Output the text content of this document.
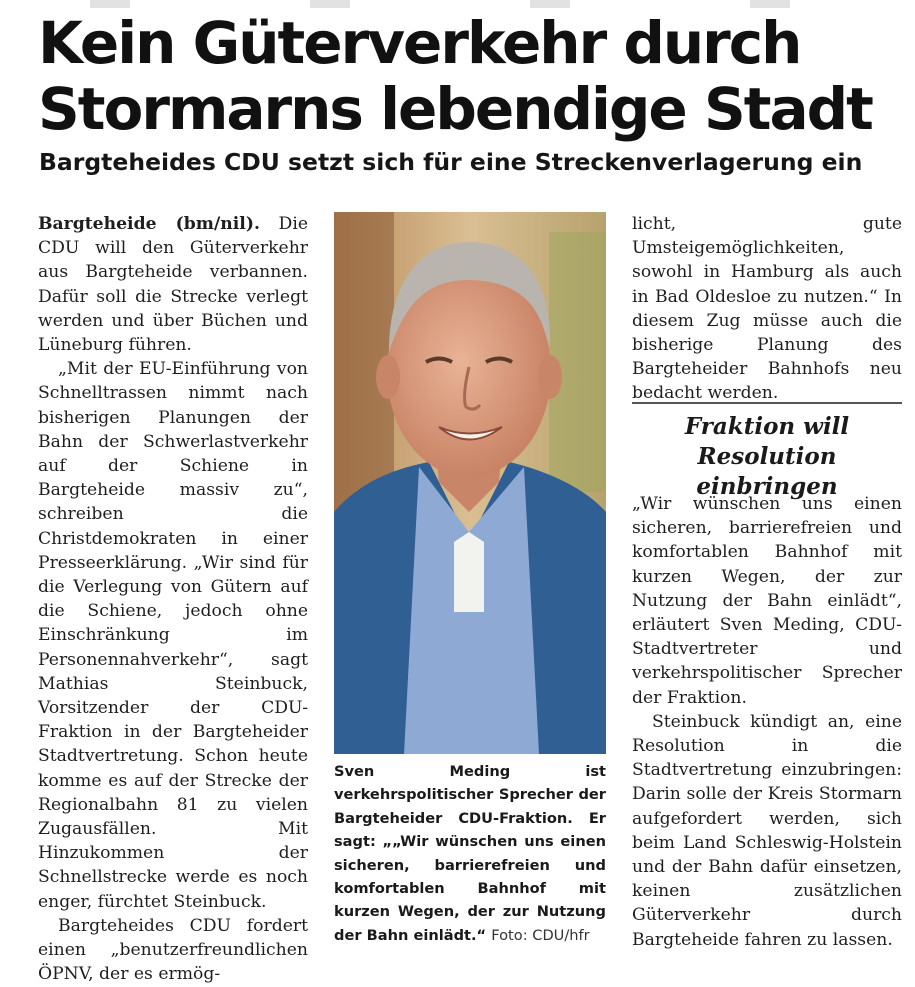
Kein Güterverkehr durch
Stormarns lebendige Stadt
Bargteheides CDU setzt sich für eine Streckenverlagerung ein

Bargteheide (bm/nil). Die CDU will den Güterverkehr aus Bargteheide verbannen. Dafür soll die Strecke verlegt werden und über Büchen und Lüneburg führen.

„Mit der EU-Einführung von Schnelltrassen nimmt nach bisherigen Planungen der Bahn der Schwerlastverkehr auf der Schiene in Bargteheide massiv zu“, schreiben die Christdemokraten in einer Presseerklärung. „Wir sind für die Verlegung von Gütern auf die Schiene, jedoch ohne Einschränkung im Personennahverkehr“, sagt Mathias Steinbuck, Vorsitzender der CDU-Fraktion in der Bargteheider Stadtvertretung. Schon heute komme es auf der Strecke der Regionalbahn 81 zu vielen Zugausfällen. Mit Hinzukommen der Schnellstrecke werde es noch enger, fürchtet Steinbuck.

Bargteheides CDU fordert einen „benutzerfreundlichen ÖPNV, der es ermög-

Sven Meding ist verkehrspolitischer Sprecher der Bargteheider CDU-Fraktion. Er sagt: „„Wir wünschen uns einen sicheren, barrierefreien und komfortablen Bahnhof mit kurzen Wegen, der zur Nutzung der Bahn einlädt.“ Foto: CDU/hfr

licht, gute Umsteigemöglichkeiten, sowohl in Hamburg als auch in Bad Oldesloe zu nutzen.“ In diesem Zug müsse auch die bisherige Planung des Bargteheider Bahnhofs neu bedacht werden.

Fraktion will
Resolution einbringen

„Wir wünschen uns einen sicheren, barrierefreien und komfortablen Bahnhof mit kurzen Wegen, der zur Nutzung der Bahn einlädt“, erläutert Sven Meding, CDU-Stadtvertreter und verkehrspolitischer Sprecher der Fraktion.

Steinbuck kündigt an, eine Resolution in die Stadtvertretung einzubringen: Darin solle der Kreis Stormarn aufgefordert werden, sich beim Land Schleswig-Holstein und der Bahn dafür einsetzen, keinen zusätzlichen Güterverkehr durch Bargteheide fahren zu lassen.
